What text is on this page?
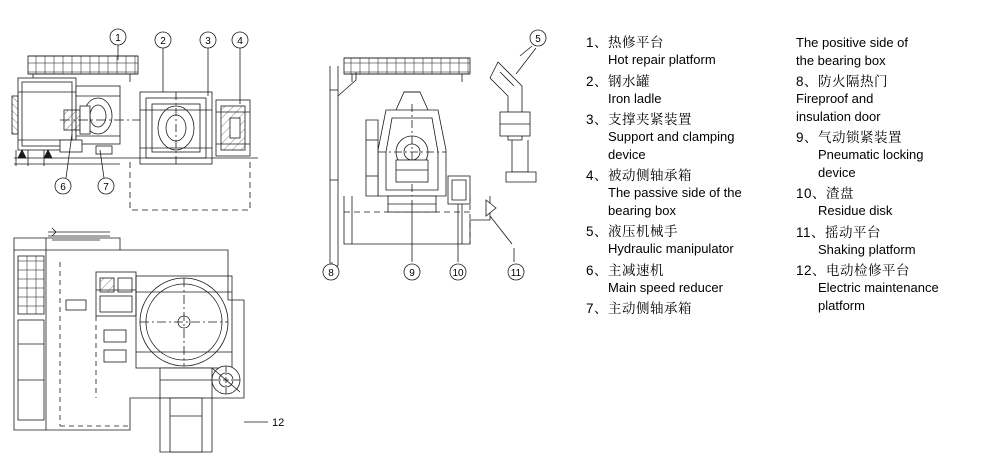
1	2	3	4
6	7
12
5
8	9	10	11
1、热修平台
Hot repair platform
2、钢水罐
Iron ladle
3、支撑夹紧装置
Support and clamping
device
4、被动侧轴承箱
The passive side of the
bearing box
5、液压机械手
Hydraulic manipulator
6、主减速机
Main speed reducer
7、主动侧轴承箱
The positive side of
the bearing box
8、防火隔热门
Fireproof and
insulation door
9、气动锁紧装置
Pneumatic locking
device
10、渣盘
Residue disk
11、摇动平台
Shaking platform
12、电动检修平台
Electric maintenance
platform
